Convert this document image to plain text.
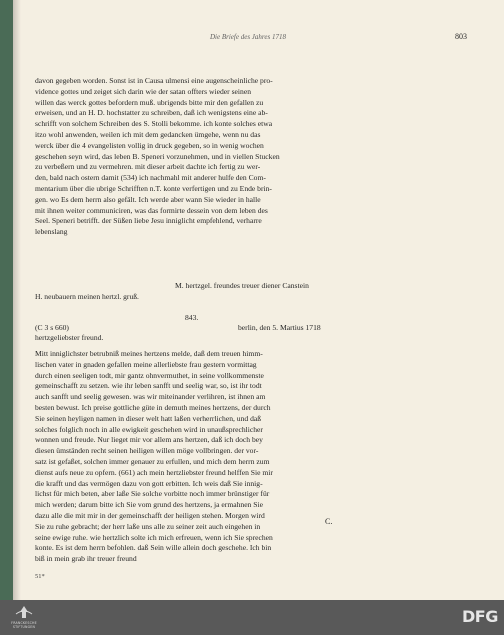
Die Briefe des Jahres 1718	803
davon gegeben worden. Sonst ist in Causa ulmensi eine augenscheinliche pro-
vidence gottes und zeiget sich darin wie der satan offters wieder seinen
willen das werck gottes befordern muß. ubrigends bitte mir den gefallen zu
erweisen, und an H. D. hochstatter zu schreiben, daß ich wenigstens eine ab-
schrifft von solchem Schreiben des S. Stolli bekomme. ich konte solches etwa
itzo wohl anwenden, weilen ich mit dem gedancken ümgehe, wenn nu das
werck über die 4 evangelisten vollig in druck gegeben, so in wenig wochen
geschehen seyn wird, das leben B. Speneri vorzunehmen, und in viellen Stucken
zu verbeßern und zu vermehren. mit dieser arbeit dachte ich fertig zu wer-
den, bald nach ostern damit (534) ich nachmahl mit anderer hulfe den Com-
mentarium über die ubrige Schrifften n.T. konte verfertigen und zu Ende brin-
gen. wo Es dem herrn also gefält. Ich werde aber wann Sie wieder in halle
mit ihnen weiter communiciren, was das formirte dessein von dem leben des
Seel. Speneri betrifft. der Süßen liebe Jesu inniglicht empfehlend, verharre
lebenslang
M. hertzgel. freundes treuer diener Canstein
H. neubauern meinen hertzl. gruß.
843.
(C 3 s 660)	berlin, den 5. Martius 1718
hertzgeliebster freund.
Mitt inniglichster betrubniß meines hertzens melde, daß dem treuen himm-
lischen vater in gnaden gefallen meine allerliebste frau gestern vormittag
durch einen seeligen todt, mir gantz ohnvermuthet, in seine vollkommenste
gemeinschafft zu setzen. wie ihr leben sanfft und seelig war, so, ist ihr todt
auch sanfft und seelig gewesen. was wir miteinander verlihren, ist ihnen am
besten bewust. Ich preise gottliche güte in demuth meines hertzens, der durch
Sie seinen heyligen namen in dieser welt hatt laßen verherrlichen, und daß
solches folglich noch in alle ewigkeit geschehen wird in unaußsprechlicher
wonnen und freude. Nur lieget mir vor allem ans hertzen, daß ich doch bey
diesen ümständen recht seinen heiligen willen möge vollbringen. der vor-
satz ist gefaßet, solchen immer genauer zu erfullen, und mich dem herrn zum
dienst aufs neue zu opfern. (661) ach mein hertzliebster freund helffen Sie mir
die krafft und das vermögen dazu von gott erbitten. Ich weis daß Sie innig-
lichst für mich beten, aber laße Sie solche vorbitte noch immer brünstiger für
mich werden; darum bitte ich Sie vom grund des hertzens, ja ermahnen Sie
dazu alle die mit mir in der gemeinschafft der heiligen stehen. Morgen wird
Sie zu ruhe gebracht; der herr laße uns alle zu seiner zeit auch eingehen in
seine ewige ruhe. wie hertzlich solte ich mich erfreuen, wenn ich Sie sprechen
konte. Es ist dem herrn befohlen. daß Sein wille allein doch geschehe. Ich bin
biß in mein grab ihr treuer freund
C.
51*
FRANCKESCHE STIFTUNGEN
DFG
